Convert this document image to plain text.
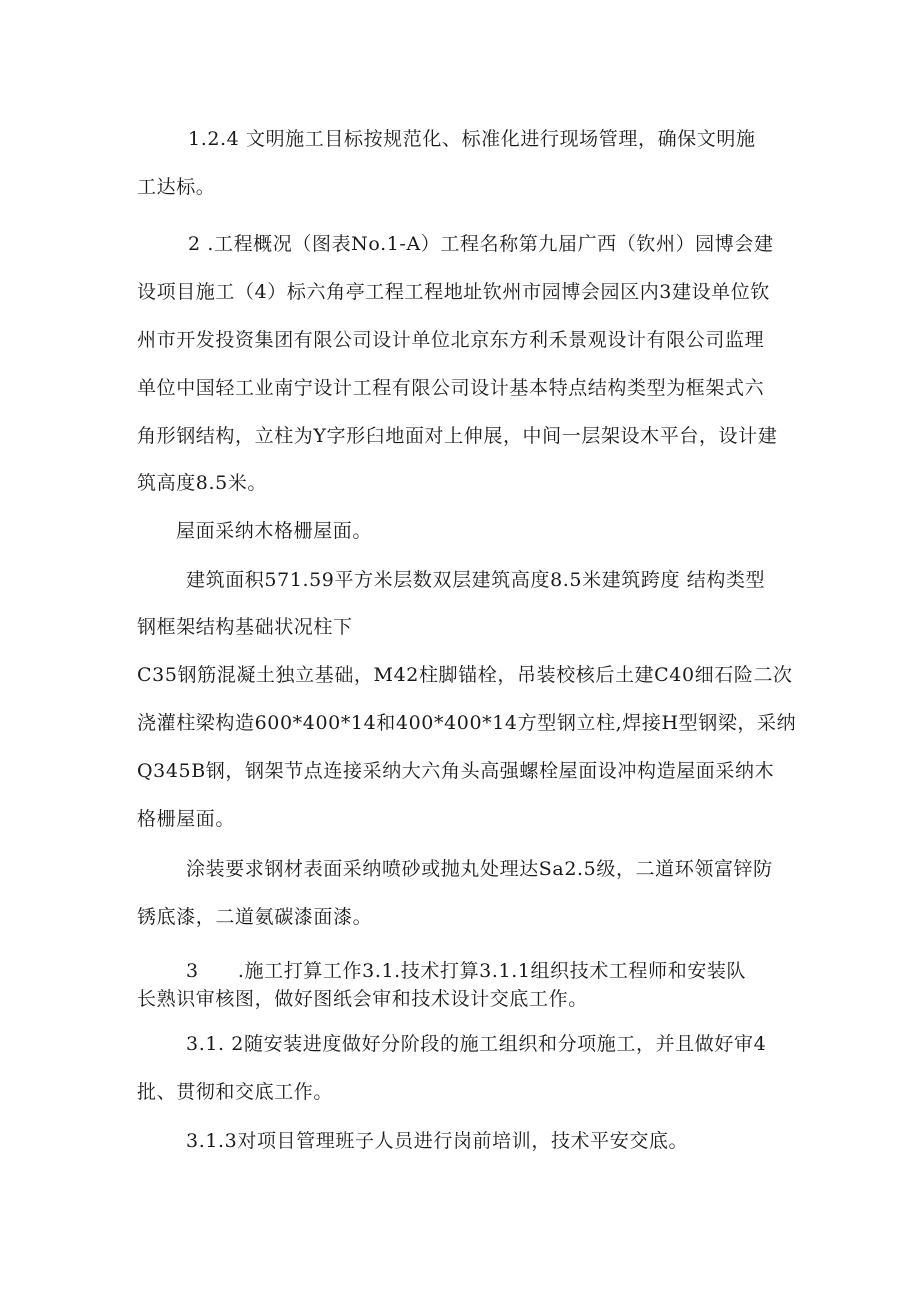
1.2.4 文明施工目标按规范化、标准化进行现场管理，确保文明施
工达标。
2 .工程概况（图表No.1-A）工程名称第九届广西（钦州）园博会建
设项目施工（4）标六角亭工程工程地址钦州市园博会园区内3建设单位钦
州市开发投资集团有限公司设计单位北京东方利禾景观设计有限公司监理
单位中国轻工业南宁设计工程有限公司设计基本特点结构类型为框架式六
角形钢结构，立柱为Y字形臼地面对上伸展，中间一层架设木平台，设计建
筑高度8.5米。
屋面采纳木格栅屋面。
建筑面积571.59平方米层数双层建筑高度8.5米建筑跨度 结构类型
钢框架结构基础状况柱下
C35钢筋混凝土独立基础，M42柱脚锚栓，吊装校核后土建C40细石险二次
浇灌柱梁构造600*400*14和400*400*14方型钢立柱,焊接H型钢梁，采纳
Q345B钢，钢架节点连接采纳大六角头高强螺栓屋面设冲构造屋面采纳木
格栅屋面。
涂装要求钢材表面采纳喷砂或抛丸处理达Sa2.5级，二道环领富锌防
锈底漆，二道氨碳漆面漆。
3　　.施工打算工作3.1.技术打算3.1.1组织技术工程师和安装队
长熟识审核图，做好图纸会审和技术设计交底工作。
3.1. 2随安装进度做好分阶段的施工组织和分项施工，并且做好审4
批、贯彻和交底工作。
3.1.3对项目管理班子人员进行岗前培训，技术平安交底。
